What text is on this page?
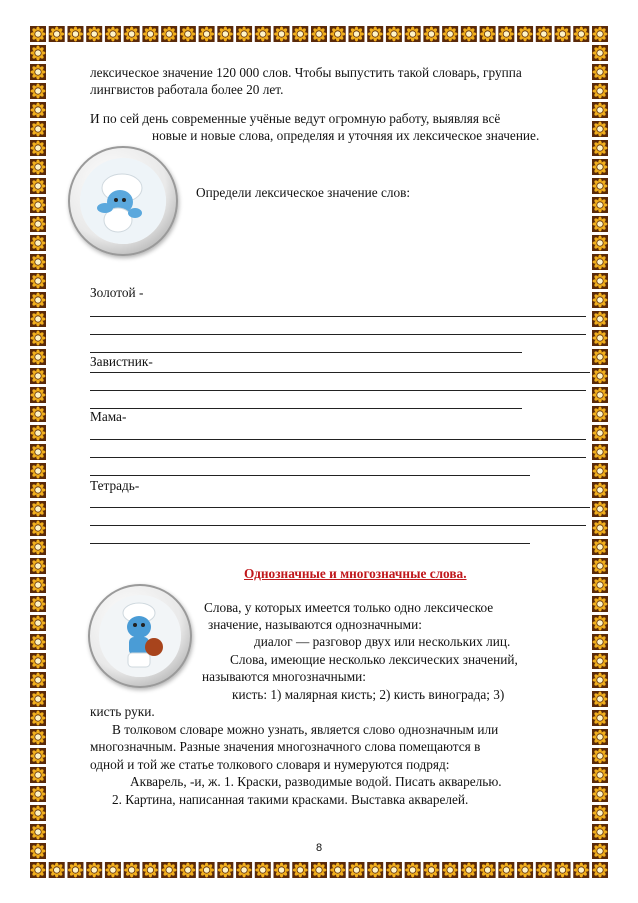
лексическое значение 120 000 слов. Чтобы выпустить такой словарь, группа
лингвистов работала более 20 лет.
И по сей день современные учёные ведут огромную работу, выявляя всё
новые и новые слова, определяя и уточняя их лексическое значение.
Определи лексическое значение слов:
Золотой -
Завистник-
Мама-
Тетрадь-
Однозначные и многозначные слова.
Слова, у которых имеется только одно лексическое
значение, называются однозначными:
диалог — разговор двух или нескольких лиц.
Слова, имеющие несколько лексических значений,
называются многозначными:
кисть: 1) малярная кисть; 2) кисть винограда; 3)
кисть руки.
В толковом словаре можно узнать, является слово однозначным или
многозначным. Разные значения многозначного слова помещаются в
одной и той же статье толкового словаря и нумеруются подряд:
Акварель, -и, ж. 1. Краски, разводимые водой. Писать акварелью.
2. Картина, написанная такими красками. Выставка акварелей.
8
